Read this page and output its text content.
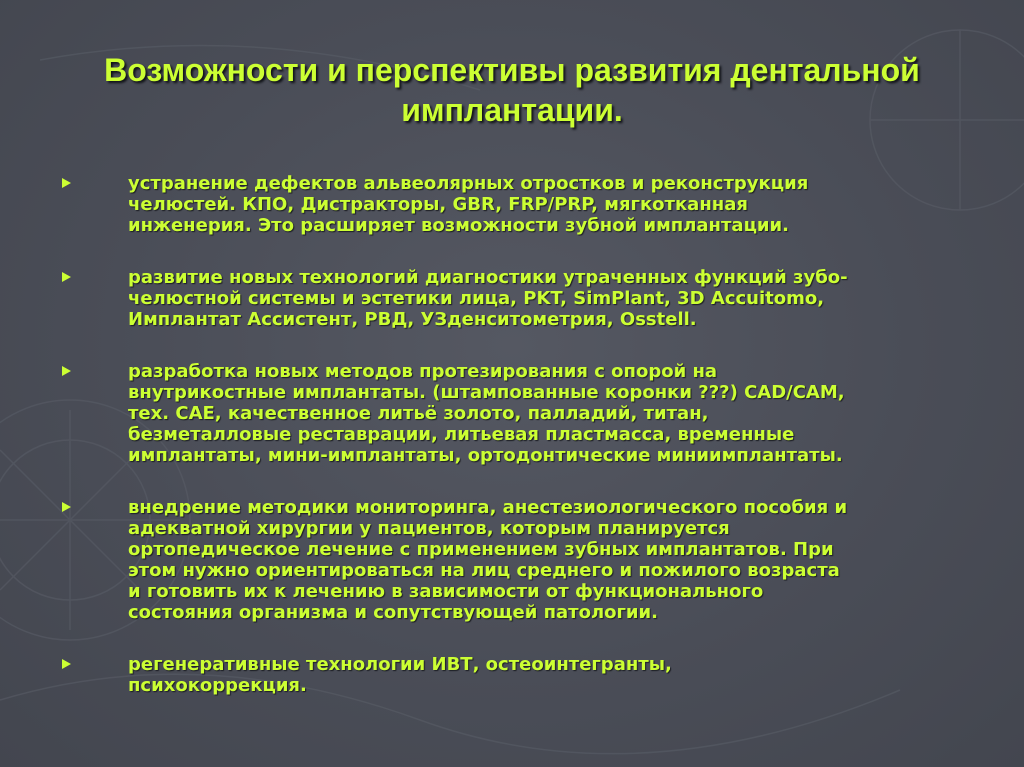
Возможности и перспективы развития дентальной
имплантации.
устранение дефектов альвеолярных отростков и реконструкция
челюстей. КПО, Дистракторы, GBR, FRP/PRP, мягкотканная
инженерия. Это расширяет возможности зубной имплантации.
развитие новых технологий диагностики утраченных функций зубо-
челюстной системы и эстетики лица, PKT, SimPlant, 3D Accuitomo,
Имплантат Ассистент, РВД, УЗденситометрия, Osstell.
разработка новых методов протезирования с опорой на
внутрикостные имплантаты. (штампованные коронки ???) CAD/CAM,
тех. CAE, качественное литьё золото, палладий, титан,
безметалловые реставрации, литьевая пластмасса, временные
имплантаты, мини-имплантаты, ортодонтические миниимплантаты.
внедрение методики мониторинга, анестезиологического пособия и
адекватной хирургии у пациентов, которым планируется
ортопедическое лечение с применением зубных имплантатов. При
этом нужно ориентироваться на лиц среднего и пожилого возраста
и готовить их к лечению в зависимости от функционального
состояния организма и сопутствующей патологии.
регенеративные технологии ИВТ, остеоинтегранты,
психокоррекция.
